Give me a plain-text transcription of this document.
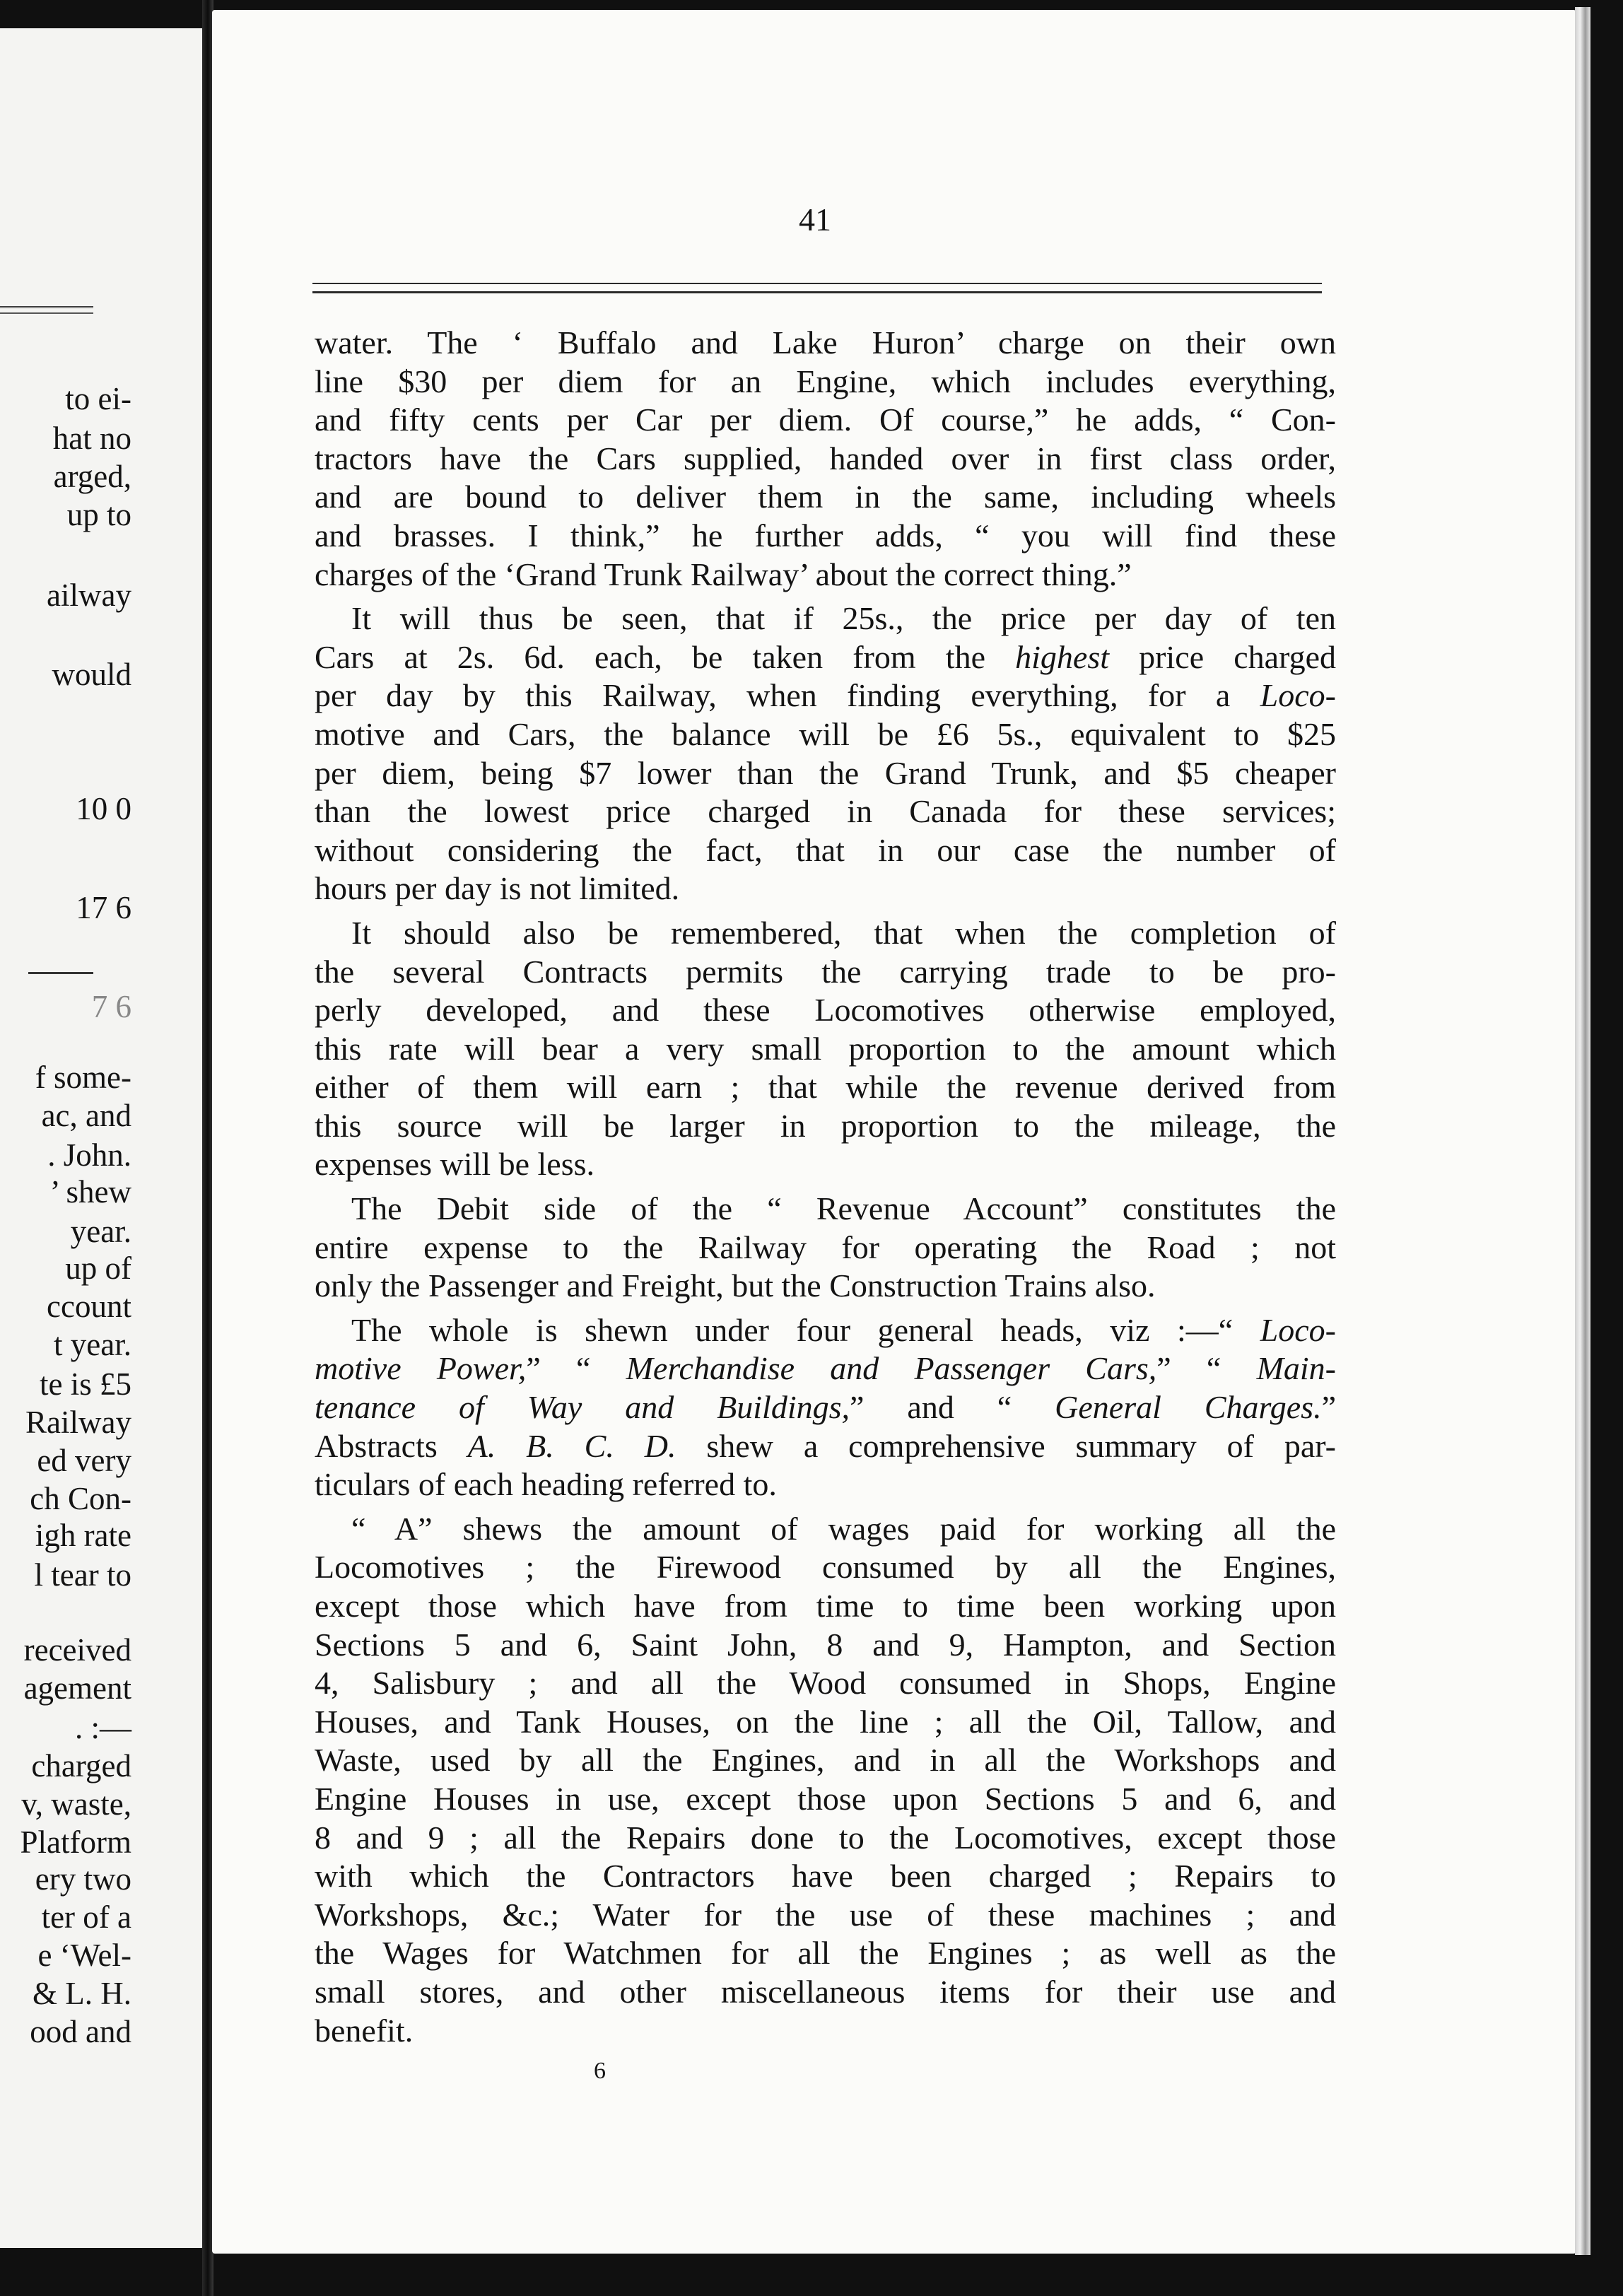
to ei-
hat no
arged,
up to
ailway
would
10 0
17 6
7 6
f some-
ac, and
. John.
’ shew
year.
up of
ccount
t year.
te is £5
Railway
ed very
ch Con-
igh rate
l tear to
received
agement
. :—
charged
v, waste,
Platform
ery two
ter of a
e ‘Wel-
& L. H.
ood and
41
water. The ‘ Buffalo and Lake Huron’ charge on their own
line $30 per diem for an Engine, which includes everything,
and fifty cents per Car per diem. Of course,” he adds, “ Con-
tractors have the Cars supplied, handed over in first class order,
and are bound to deliver them in the same, including wheels
and brasses. I think,” he further adds, “ you will find these
charges of the ‘Grand Trunk Railway’ about the correct thing.”
It will thus be seen, that if 25s., the price per day of ten
Cars at 2s. 6d. each, be taken from the highest price charged
per day by this Railway, when finding everything, for a Loco-
motive and Cars, the balance will be £6 5s., equivalent to $25
per diem, being $7 lower than the Grand Trunk, and $5 cheaper
than the lowest price charged in Canada for these services;
without considering the fact, that in our case the number of
hours per day is not limited.
It should also be remembered, that when the completion of
the several Contracts permits the carrying trade to be pro-
perly developed, and these Locomotives otherwise employed,
this rate will bear a very small proportion to the amount which
either of them will earn ; that while the revenue derived from
this source will be larger in proportion to the mileage, the
expenses will be less.
The Debit side of the “ Revenue Account” constitutes the
entire expense to the Railway for operating the Road ; not
only the Passenger and Freight, but the Construction Trains also.
The whole is shewn under four general heads, viz :—“ Loco-
motive Power,” “ Merchandise and Passenger Cars,” “ Main-
tenance of Way and Buildings,” and “ General Charges.”
Abstracts A. B. C. D. shew a comprehensive summary of par-
ticulars of each heading referred to.
“ A” shews the amount of wages paid for working all the
Locomotives ; the Firewood consumed by all the Engines,
except those which have from time to time been working upon
Sections 5 and 6, Saint John, 8 and 9, Hampton, and Section
4, Salisbury ; and all the Wood consumed in Shops, Engine
Houses, and Tank Houses, on the line ; all the Oil, Tallow, and
Waste, used by all the Engines, and in all the Workshops and
Engine Houses in use, except those upon Sections 5 and 6, and
8 and 9 ; all the Repairs done to the Locomotives, except those
with which the Contractors have been charged ; Repairs to
Workshops, &c.; Water for the use of these machines ; and
the Wages for Watchmen for all the Engines ; as well as the
small stores, and other miscellaneous items for their use and
benefit.
6
